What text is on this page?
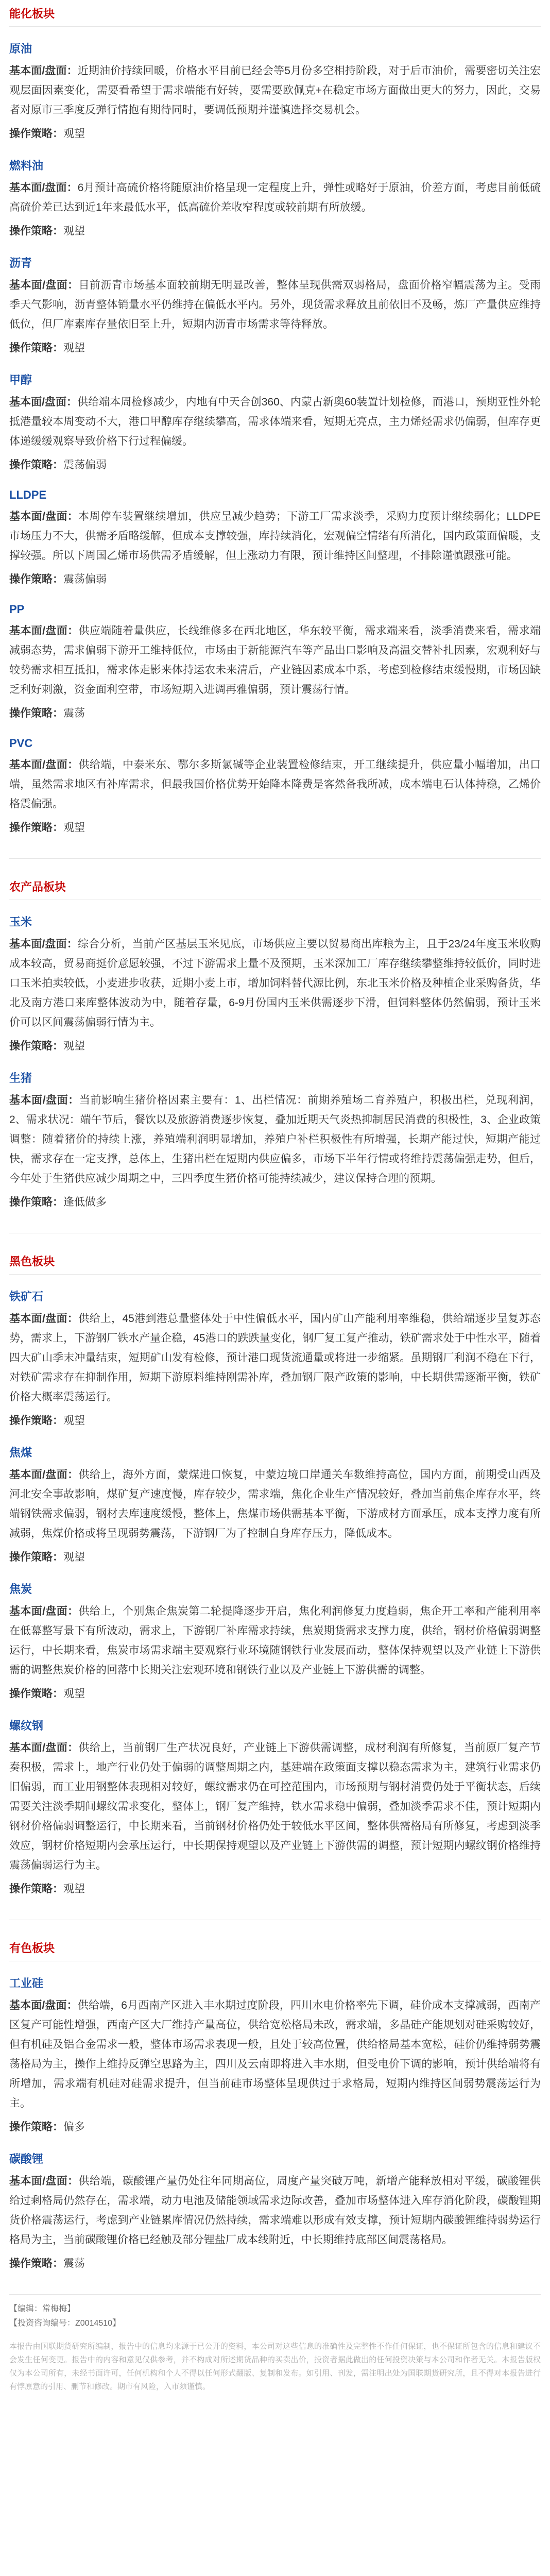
能化板块
原油
基本面/盘面：近期油价持续回暖，价格水平目前已经会等5月份多空相持阶段，对于后市油价，需要密切关注宏观层面因素变化，需要看希望于需求端能有好转，要需要欧佩克+在稳定市场方面做出更大的努力，因此，交易者对原市三季度反弹行情抱有期待同时，要调低预期并谨慎选择交易机会。
操作策略：观望
燃料油
基本面/盘面：6月预计高硫价格将随原油价格呈现一定程度上升，弹性或略好于原油，价差方面，考虑目前低硫高硫价差已达到近1年来最低水平，低高硫价差收窄程度或较前期有所放缓。
操作策略：观望
沥青
基本面/盘面：目前沥青市场基本面较前期无明显改善，整体呈现供需双弱格局，盘面价格窄幅震荡为主。受雨季天气影响，沥青整体销量水平仍维持在偏低水平内。另外，现货需求释放且前依旧不及畅，炼厂产量供应维持低位，但厂库素库存量依旧至上升，短期内沥青市场需求等待释放。
操作策略：观望
甲醇
基本面/盘面：供给端本周检修减少，内地有中天合创360、内蒙古新奥60装置计划检修，而港口，预期亚性外轮抵港量较本周变动不大，港口甲醇库存继续攀高，需求体端来看，短期无亮点，主力烯烃需求仍偏弱，但库存更体递缓缓观察导致价格下行过程偏缓。
操作策略：震荡偏弱
LLDPE
基本面/盘面：本周停车装置继续增加，供应呈减少趋势；下游工厂需求淡季，采购力度预计继续弱化；LLDPE 市场压力不大，供需矛盾略缓解，但成本支撑较强，库持续消化，宏观偏空情绪有所消化，国内政策面偏暖，支撑较强。所以下周国乙烯市场供需矛盾缓解，但上涨动力有限，预计维持区间整理，不排除谨慎跟涨可能。
操作策略：震荡偏弱
PP
基本面/盘面：供应端随着量供应，长线维修多在西北地区，华东较平衡，需求端来看，淡季消费来看，需求端减弱态势，需求偏弱下游开工维持低位，市场由于新能源汽车等产品出口影响及高温交替补扎因素，宏观利好与较势需求相互抵扣，需求体走影来体持运农未来清后，产业链因素成本中系，考虑到检修结束缓慢期，市场因缺乏利好刺激，资金面利空带，市场短期入进调再雅偏弱，预计震荡行情。
操作策略：震荡
PVC
基本面/盘面：供给端，中泰米东、鄂尔多斯氯碱等企业装置检修结束，开工继续提升，供应量小幅增加，出口端，虽然需求地区有补库需求，但最我国价格优势开始降本降费是客然备我所减，成本端电石认体持稳，乙烯价格震偏强。
操作策略：观望
农产品板块
玉米
基本面/盘面：综合分析，当前产区基层玉米见底，市场供应主要以贸易商出库粮为主，且于23/24年度玉米收购成本较高，贸易商挺价意愿较强，不过下游需求上量不及预期，玉米深加工厂库存继续攀整维持较低价，同时进口玉米拍卖较低，小麦进步收获，近期小麦上市，增加饲料替代源比例，东北玉米价格及种植企业采购备货，华北及南方港口来库整体波动为中，随着存量，6-9月份国内玉米供需逐步下滑，但饲料整体仍然偏弱，预计玉米价可以区间震荡偏弱行情为主。
操作策略：观望
生猪
基本面/盘面：当前影响生猪价格因素主要有：1、出栏情况：前期养殖场二育养殖户，积极出栏，兑现利润，2、需求状况：端午节后，餐饮以及旅游消费逐步恢复，叠加近期天气炎热抑制居民消费的积极性，3、企业政策调整：随着猪价的持续上涨，养殖端利润明显增加，养殖户补栏积极性有所增强，长期产能过快，短期产能过快，需求存在一定支撑，总体上，生猪出栏在短期内供应偏多，市场下半年行情或将维持震荡偏强走势，但后，今年处于生猪供应减少周期之中，三四季度生猪价格可能持续减少，建议保持合理的预期。
操作策略：逢低做多
黑色板块
铁矿石
基本面/盘面：供给上，45港到港总量整体处于中性偏低水平，国内矿山产能利用率维稳，供给端逐步呈复苏态势，需求上，下游钢厂铁水产量企稳，45港口的跌跌量变化，钢厂复工复产推动，铁矿需求处于中性水平，随着四大矿山季末冲量结束，短期矿山发有检修，预计港口现货流通量或将进一步缩紧。虽期钢厂利润不稳在下行，对铁矿需求存在抑制作用，短期下游原料维持刚需补库，叠加钢厂限产政策的影响，中长期供需逐渐平衡，铁矿价格大概率震荡运行。
操作策略：观望
焦煤
基本面/盘面：供给上，海外方面，蒙煤进口恢复，中蒙边境口岸通关车数维持高位，国内方面，前期受山西及河北安全事故影响，煤矿复产速度慢，库存较少，需求端，焦化企业生产情况较好，叠加当前焦企库存水平，终端钢铁需求偏弱，钢材去库速度缓慢，整体上，焦煤市场供需基本平衡，下游成材方面承压，成本支撑力度有所减弱，焦煤价格或将呈现弱势震荡，下游钢厂为了控制自身库存压力，降低成本。
操作策略：观望
焦炭
基本面/盘面：供给上，个别焦企焦炭第二轮提降逐步开启，焦化利润修复力度趋弱，焦企开工率和产能利用率在低幕整写景下有所波动，需求上，下游钢厂补库需求持续，焦炭期货需求支撑力度，供给，钢材价格偏弱调整运行，中长期来看，焦炭市场需求端主要观察行业环境随钢铁行业发展而动，整体保持观望以及产业链上下游供需的调整焦炭价格的回落中长期关注宏观环境和钢铁行业以及产业链上下游供需的调整。
操作策略：观望
螺纹钢
基本面/盘面：供给上，当前钢厂生产状况良好，产业链上下游供需调整，成材利润有所修复，当前原厂复产节奏积极，需求上，地产行业仍处于偏弱的调整周期之内，基建端在政策面支撑以稳态需求为主，建筑行业需求仍旧偏弱，而工业用钢整体表现相对较好，螺纹需求仍在可控范围内，市场预期与钢材消费仍处于平衡状态，后续需要关注淡季期间螺纹需求变化，整体上，钢厂复产维持，铁水需求稳中偏弱，叠加淡季需求不佳，预计短期内钢材价格偏弱调整运行，中长期来看，当前钢材价格仍处于较低水平区间，整体供需格局有所修复，考虑到淡季效应，钢材价格短期内会承压运行，中长期保持观望以及产业链上下游供需的调整，预计短期内螺纹钢价格维持震荡偏弱运行为主。
操作策略：观望
有色板块
工业硅
基本面/盘面：供给端，6月西南产区进入丰水期过度阶段，四川水电价格率先下调，硅价成本支撑减弱，西南产区复产可能性增强，西南产区大厂维持产量高位，供给宽松格局未改，需求端，多晶硅产能规划对硅采购较好，但有机硅及铝合金需求一般，整体市场需求表现一般，且处于较高位置，供给格局基本宽松，硅价仍维持弱势震荡格局为主，操作上维持反弹空思路为主，四川及云南即将进入丰水期，但受电价下调的影响，预计供给端将有所增加，需求端有机硅对硅需求提升，但当前硅市场整体呈现供过于求格局，短期内维持区间弱势震荡运行为主。
操作策略：偏多
碳酸锂
基本面/盘面：供给端，碳酸锂产量仍处往年同期高位，周度产量突破万吨，新增产能释放相对平缓，碳酸锂供给过剩格局仍然存在，需求端，动力电池及储能领域需求边际改善，叠加市场整体进入库存消化阶段，碳酸锂期货价格震荡运行，考虑到产业链累库情况仍然持续，需求端难以形成有效支撑，预计短期内碳酸锂维持弱势运行格局为主，当前碳酸锂价格已经触及部分锂盐厂成本线附近，中长期维持底部区间震荡格局。
操作策略：震荡
【编辑：常梅梅】
【投资咨询编号：Z0014510】
本报告由国联期货研究所编制，报告中的信息均来源于已公开的资料，本公司对这些信息的准确性及完整性不作任何保证，也不保证所包含的信息和建议不会发生任何变更。报告中的内容和意见仅供参考，并不构成对所述期货品种的买卖出价，投资者据此做出的任何投资决策与本公司和作者无关。本报告版权仅为本公司所有，未经书面许可，任何机构和个人不得以任何形式翻版、复制和发布。如引用、刊发，需注明出处为国联期货研究所，且不得对本报告进行有悖原意的引用、删节和修改。期市有风险，入市须谨慎。
